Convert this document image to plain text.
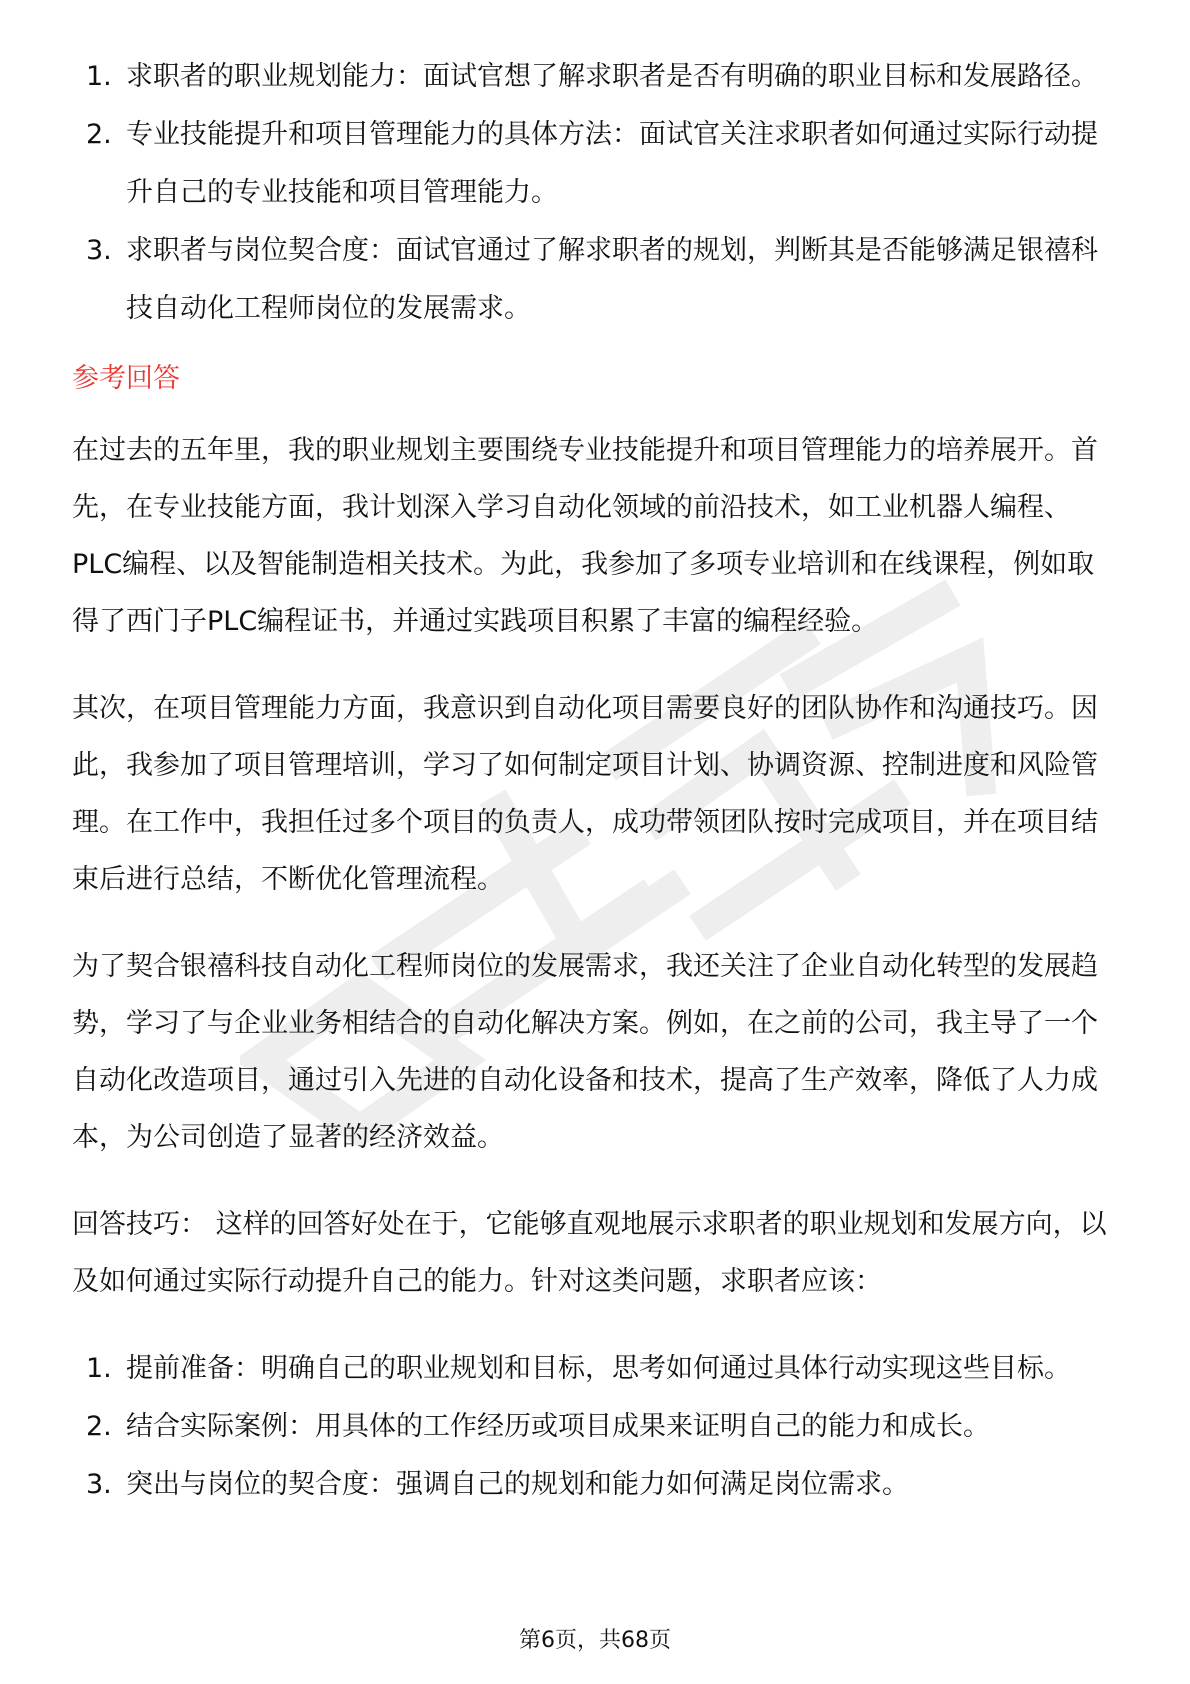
1. 求职者的职业规划能力：面试官想了解求职者是否有明确的职业目标和发展路径。
2. 专业技能提升和项目管理能力的具体方法：面试官关注求职者如何通过实际行动提升自己的专业技能和项目管理能力。
3. 求职者与岗位契合度：面试官通过了解求职者的规划，判断其是否能够满足银禧科技自动化工程师岗位的发展需求。
参考回答

在过去的五年里，我的职业规划主要围绕专业技能提升和项目管理能力的培养展开。首先，在专业技能方面，我计划深入学习自动化领域的前沿技术，如工业机器人编程、PLC编程、以及智能制造相关技术。为此，我参加了多项专业培训和在线课程，例如取得了西门子PLC编程证书，并通过实践项目积累了丰富的编程经验。

其次，在项目管理能力方面，我意识到自动化项目需要良好的团队协作和沟通技巧。因此，我参加了项目管理培训，学习了如何制定项目计划、协调资源、控制进度和风险管理。在工作中，我担任过多个项目的负责人，成功带领团队按时完成项目，并在项目结束后进行总结，不断优化管理流程。

为了契合银禧科技自动化工程师岗位的发展需求，我还关注了企业自动化转型的发展趋势，学习了与企业业务相结合的自动化解决方案。例如，在之前的公司，我主导了一个自动化改造项目，通过引入先进的自动化设备和技术，提高了生产效率，降低了人力成本，为公司创造了显著的经济效益。

回答技巧： 这样的回答好处在于，它能够直观地展示求职者的职业规划和发展方向，以及如何通过实际行动提升自己的能力。针对这类问题，求职者应该：

1. 提前准备：明确自己的职业规划和目标，思考如何通过具体行动实现这些目标。
2. 结合实际案例：用具体的工作经历或项目成果来证明自己的能力和成长。
3. 突出与岗位的契合度：强调自己的规划和能力如何满足岗位需求。
第6页，共68页
